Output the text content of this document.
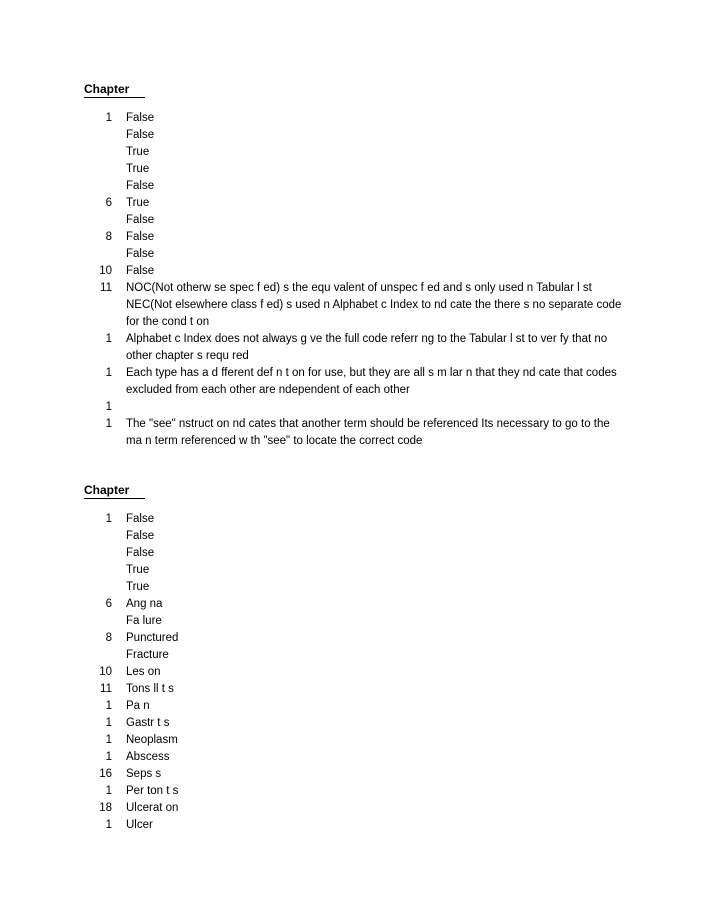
Chapter
1	False
False
True
True
False
6	True
False
8	False
False
10	False
11	NOC(Not otherw se spec f ed) s the equ valent of unspec f ed and s only used n Tabular l st NEC(Not elsewhere class f ed) s used n Alphabet c Index to nd cate the there s no separate code for the cond t on
1	Alphabet c Index does not always g ve the full code referr ng to the Tabular l st to ver fy that no other chapter s requ red
1	Each type has a d fferent def n t on for use, but they are all s m lar n that they nd cate that codes excluded from each other are ndependent of each other
1

1	The "see" nstruct on nd cates that another term should be referenced Its necessary to go to the ma n term referenced w th "see" to locate the correct code
Chapter
1	False
False
False
True
True
6	Ang na
Fa lure
8	Punctured
Fracture
10	Les on
11	Tons ll t s
1	Pa n
1	Gastr t s
1	Neoplasm
1	Abscess
16	Seps s
1	Per ton t s
18	Ulcerat on
1	Ulcer
